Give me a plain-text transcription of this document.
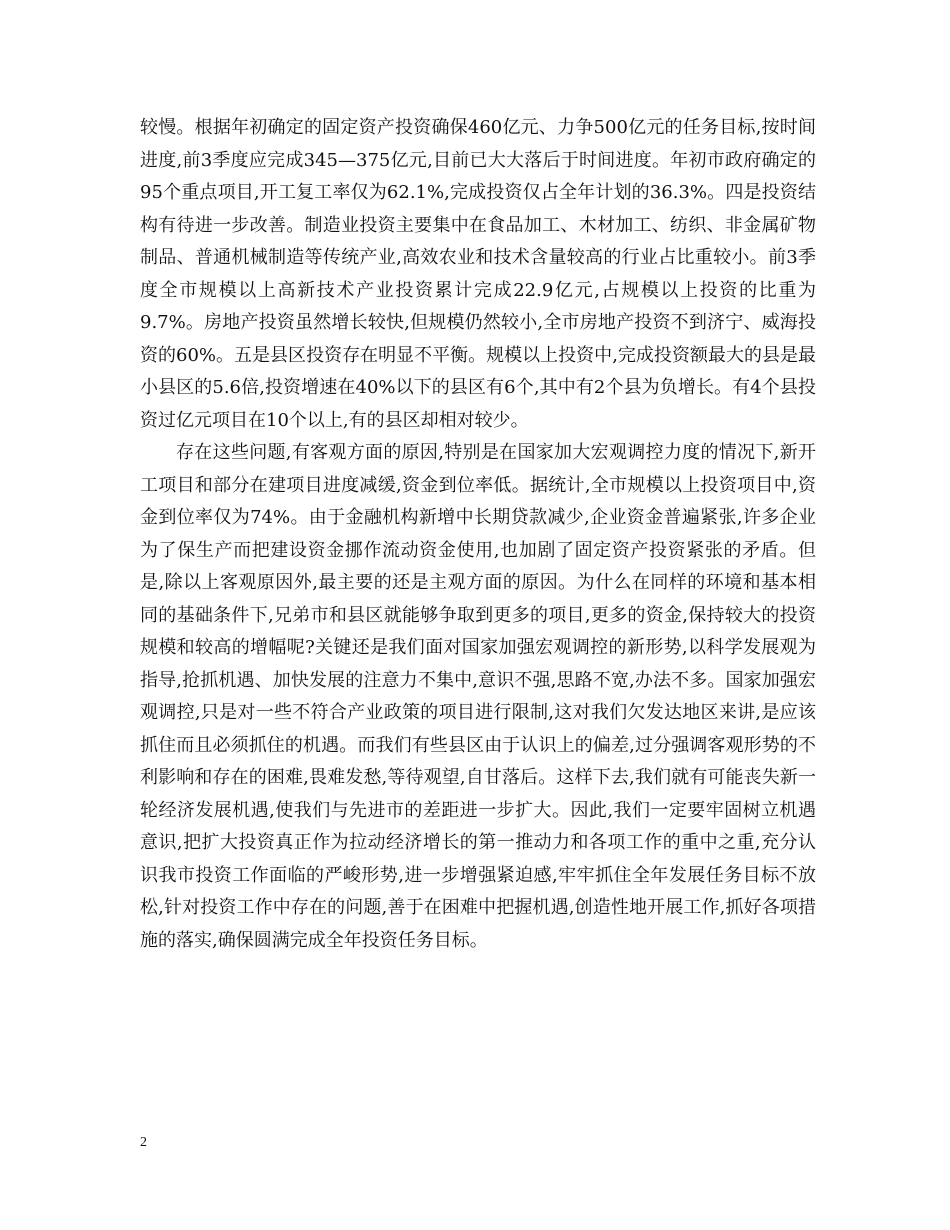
较慢。根据年初确定的固定资产投资确保460亿元、力争500亿元的任务目标,按时间进度,前3季度应完成345—375亿元,目前已大大落后于时间进度。年初市政府确定的95个重点项目,开工复工率仅为62.1%,完成投资仅占全年计划的36.3%。四是投资结构有待进一步改善。制造业投资主要集中在食品加工、木材加工、纺织、非金属矿物制品、普通机械制造等传统产业,高效农业和技术含量较高的行业占比重较小。前3季度全市规模以上高新技术产业投资累计完成22.9亿元,占规模以上投资的比重为9.7%。房地产投资虽然增长较快,但规模仍然较小,全市房地产投资不到济宁、威海投资的60%。五是县区投资存在明显不平衡。规模以上投资中,完成投资额最大的县是最小县区的5.6倍,投资增速在40%以下的县区有6个,其中有2个县为负增长。有4个县投资过亿元项目在10个以上,有的县区却相对较少。

存在这些问题,有客观方面的原因,特别是在国家加大宏观调控力度的情况下,新开工项目和部分在建项目进度减缓,资金到位率低。据统计,全市规模以上投资项目中,资金到位率仅为74%。由于金融机构新增中长期贷款减少,企业资金普遍紧张,许多企业为了保生产而把建设资金挪作流动资金使用,也加剧了固定资产投资紧张的矛盾。但是,除以上客观原因外,最主要的还是主观方面的原因。为什么在同样的环境和基本相同的基础条件下,兄弟市和县区就能够争取到更多的项目,更多的资金,保持较大的投资规模和较高的增幅呢?关键还是我们面对国家加强宏观调控的新形势,以科学发展观为指导,抢抓机遇、加快发展的注意力不集中,意识不强,思路不宽,办法不多。国家加强宏观调控,只是对一些不符合产业政策的项目进行限制,这对我们欠发达地区来讲,是应该抓住而且必须抓住的机遇。而我们有些县区由于认识上的偏差,过分强调客观形势的不利影响和存在的困难,畏难发愁,等待观望,自甘落后。这样下去,我们就有可能丧失新一轮经济发展机遇,使我们与先进市的差距进一步扩大。因此,我们一定要牢固树立机遇意识,把扩大投资真正作为拉动经济增长的第一推动力和各项工作的重中之重,充分认识我市投资工作面临的严峻形势,进一步增强紧迫感,牢牢抓住全年发展任务目标不放松,针对投资工作中存在的问题,善于在困难中把握机遇,创造性地开展工作,抓好各项措施的落实,确保圆满完成全年投资任务目标。

2
